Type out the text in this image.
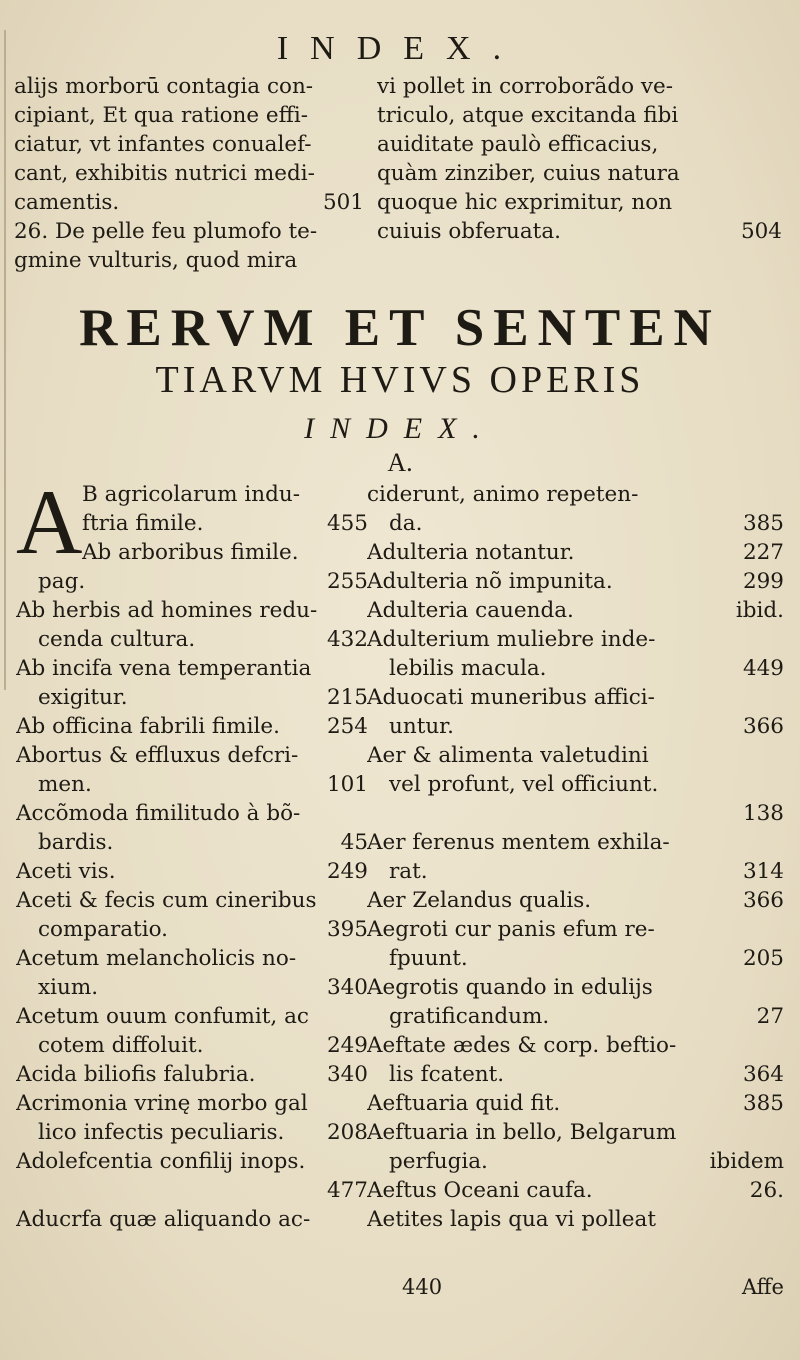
INDEX.
alijs morborū contagia con-
cipiant, Et qua ratione effi-
ciatur, vt infantes conualef-
cant, exhibitis nutrici medi-
501
camentis.
26. De pelle feu plumofo te-
gmine vulturis, quod mira
vi pollet in corroborãdo ve-
triculo, atque excitanda fibi
auiditate paulò efficacius,
quàm zinziber, cuius natura
quoque hic exprimitur, non
504
cuiuis obferuata.
RERVM ET SENTEN
TIARVM HVIVS OPERIS
INDEX.
A.
A B agricolarum indu-
455
ftria fimile.
Ab arboribus fimile.
255
pag.
Ab herbis ad homines redu-
432
cenda cultura.
Ab incifa vena temperantia
215
exigitur.
254
Ab officina fabrili fimile.
Abortus & effluxus defcri-
101
men.
Accõmoda fimilitudo à bõ-
45
bardis.
249
Aceti vis.
Aceti & fecis cum cineribus
395
comparatio.
Acetum melancholicis no-
340
xium.
Acetum ouum confumit, ac
249
cotem diffoluit.
340
Acida biliofis falubria.
Acrimonia vrinę morbo gal
208
lico infectis peculiaris.
Adolefcentia confilij inops.
477
Aducrfa quæ aliquando ac-
ciderunt, animo repeten-
385
da.
227
Adulteria notantur.
299
Adulteria nõ impunita.
ibid.
Adulteria cauenda.
Adulterium muliebre inde-
449
lebilis macula.
Aduocati muneribus affici-
366
untur.
Aer & alimenta valetudini
vel profunt, vel officiunt.
138
Aer ferenus mentem exhila-
314
rat.
366
Aer Zelandus qualis.
Aegroti cur panis efum re-
205
fpuunt.
Aegrotis quando in edulijs
27
gratificandum.
Aeftate ædes & corp. beftio-
364
lis fcatent.
385
Aeftuaria quid fit.
Aeftuaria in bello, Belgarum
ibidem
perfugia.
26.
Aeftus Oceani caufa.
Aetites lapis qua vi polleat
440	Affe
